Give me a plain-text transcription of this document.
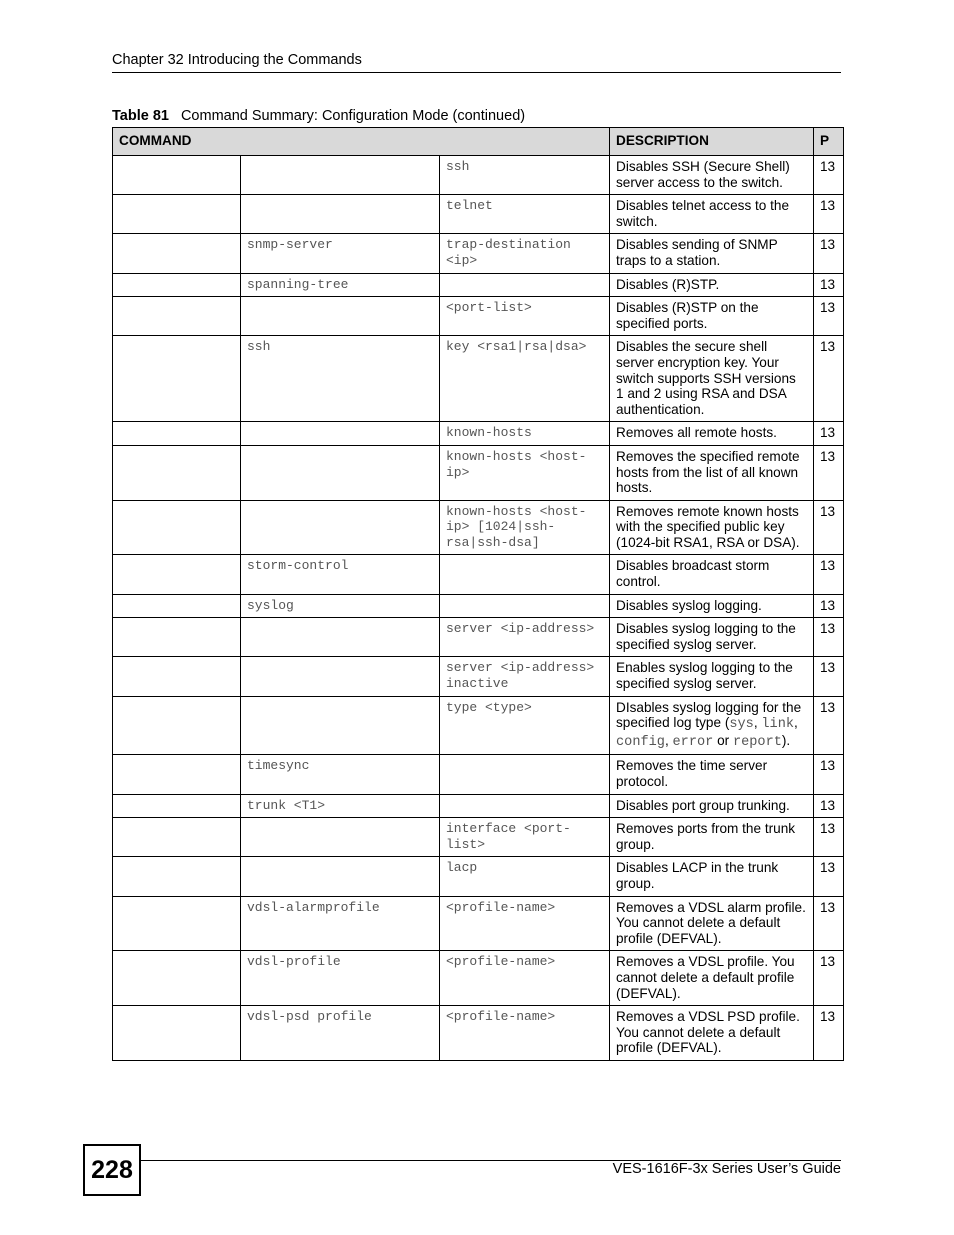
Chapter 32 Introducing the Commands
Table 81 Command Summary: Configuration Mode (continued)
COMMAND			DESCRIPTION	P
		ssh	Disables SSH (Secure Shell) server access to the switch.	13
		telnet	Disables telnet access to the switch.	13
	snmp-server	trap-destination <ip>	Disables sending of SNMP traps to a station.	13
	spanning-tree		Disables (R)STP.	13
		<port-list>	Disables (R)STP on the specified ports.	13
	ssh	key <rsa1|rsa|dsa>	Disables the secure shell server encryption key. Your switch supports SSH versions 1 and 2 using RSA and DSA authentication.	13
		known-hosts	Removes all remote hosts.	13
		known-hosts <host-ip>	Removes the specified remote hosts from the list of all known hosts.	13
		known-hosts <host-ip> [1024|ssh-rsa|ssh-dsa]	Removes remote known hosts with the specified public key (1024-bit RSA1, RSA or DSA).	13
	storm-control		Disables broadcast storm control.	13
	syslog		Disables syslog logging.	13
		server <ip-address>	Disables syslog logging to the specified syslog server.	13
		server <ip-address> inactive	Enables syslog logging to the specified syslog server.	13
		type <type>	DIsables syslog logging for the specified log type (sys, link, config, error or report).	13
	timesync		Removes the time server protocol.	13
	trunk <T1>		Disables port group trunking.	13
		interface <port-list>	Removes ports from the trunk group.	13
		lacp	Disables LACP in the trunk group.	13
	vdsl-alarmprofile	<profile-name>	Removes a VDSL alarm profile. You cannot delete a default profile (DEFVAL).	13
	vdsl-profile	<profile-name>	Removes a VDSL profile. You cannot delete a default profile (DEFVAL).	13
	vdsl-psd profile	<profile-name>	Removes a VDSL PSD profile. You cannot delete a default profile (DEFVAL).	13
228	VES-1616F-3x Series User’s Guide
